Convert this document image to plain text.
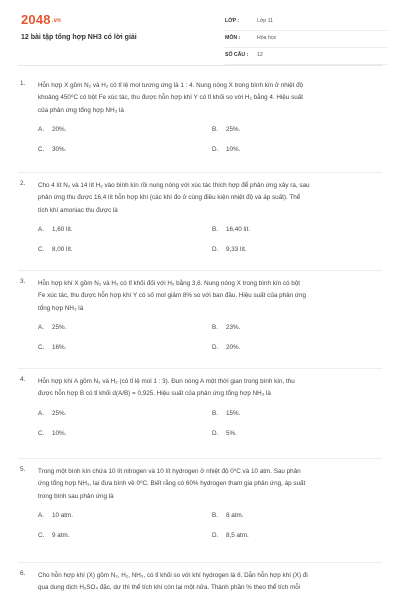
2048.vn
12 bài tập tổng hợp NH3 có lời giải
LỚP :	Lớp 11
MÔN :	Hóa học
SỐ CÂU : 12
1. Hỗn hợp X gồm N₂ và H₂ có tỉ lệ mol tương ứng là 1 : 4. Nung nóng X trong bình kín ở nhiệt độ
khoảng 450⁰C có bột Fe xúc tác, thu được hỗn hợp khí Y có tỉ khối so với H₂ bằng 4. Hiệu suất
của phản ứng tổng hợp NH₃ là
A. 20%.	B. 25%.
C. 30%.	D. 10%.
2. Cho 4 lít N₂ và 14 lít H₂ vào bình kín rồi nung nóng với xúc tác thích hợp để phản ứng xảy ra, sau
phản ứng thu được 16,4 lít hỗn hợp khí (các khí đo ở cùng điều kiện nhiệt độ và áp suất). Thể
tích khí amoniac thu được là
A. 1,60 lít.	B. 16,40 lít.
C. 8,00 lít.	D. 9,33 lít.
3. Hỗn hợp khí X gồm N₂ và H₂ có tỉ khối đối với H₂ bằng 3,6. Nung nóng X trong bình kín có bột
Fe xúc tác, thu được hỗn hợp khí Y có số mol giảm 8% so với ban đầu. Hiệu suất của phản ứng
tổng hợp NH₃ là
A. 25%.	B. 23%.
C. 16%.	D. 20%.
4. Hỗn hợp khí A gồm N₂ và H₂ (có tỉ lệ mol 1 : 3). Đun nóng A một thời gian trong bình kín, thu
được hỗn hợp B có tỉ khối d(A/B) = 0,925. Hiệu suất của phản ứng tổng hợp NH₃ là
A. 25%.	B. 15%.
C. 10%.	D. 5%.
5. Trong một bình kín chứa 10 lít nitrogen và 10 lít hydrogen ở nhiệt độ 0⁰C và 10 atm. Sau phản
ứng tổng hợp NH₃, lại đưa bình về 0⁰C. Biết rằng có 60% hydrogen tham gia phản ứng, áp suất
trong bình sau phản ứng là
A. 10 atm.	B. 8 atm.
C. 9 atm.	D. 8,5 atm.
6. Cho hỗn hợp khí (X) gồm N₂, H₂, NH₃, có tỉ khối so với khí hydrogen là 8. Dẫn hỗn hợp khí (X) đi
qua dung dịch H₂SO₄ đặc, dư thì thể tích khí còn lại một nửa. Thành phần % theo thể tích mỗi
